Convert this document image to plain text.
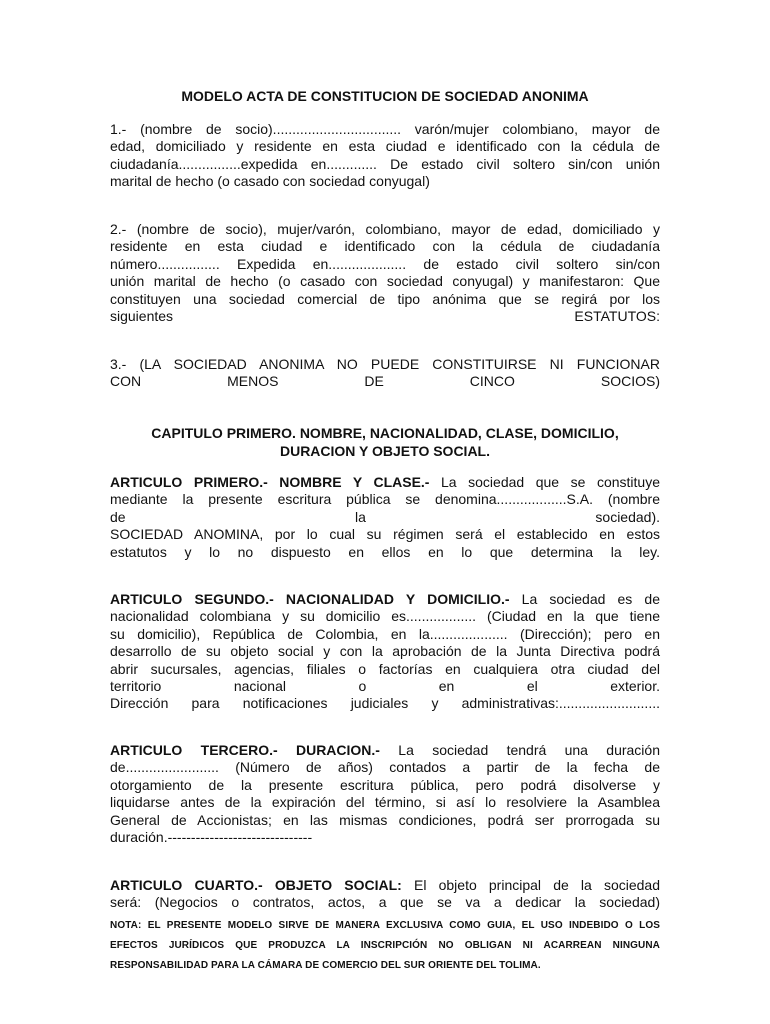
MODELO ACTA DE CONSTITUCION DE SOCIEDAD ANONIMA
1.- (nombre de socio)................................. varón/mujer colombiano, mayor de
edad, domiciliado y residente en esta ciudad e identificado con la cédula de
ciudadanía................expedida en............. De estado civil soltero sin/con unión
marital de hecho (o casado con sociedad conyugal)
2.- (nombre de socio), mujer/varón, colombiano, mayor de edad, domiciliado y
residente en esta ciudad e identificado con la cédula de ciudadanía
número................ Expedida en.................... de estado civil soltero sin/con
unión marital de hecho (o casado con sociedad conyugal) y manifestaron: Que
constituyen una sociedad comercial de tipo anónima que se regirá por los
siguientes ESTATUTOS:
3.- (LA SOCIEDAD ANONIMA NO PUEDE CONSTITUIRSE NI FUNCIONAR
CON MENOS DE CINCO SOCIOS)
CAPITULO PRIMERO. NOMBRE, NACIONALIDAD, CLASE, DOMICILIO,
DURACION Y OBJETO SOCIAL.
ARTICULO PRIMERO.- NOMBRE Y CLASE.- La sociedad que se constituye
mediante la presente escritura pública se denomina..................S.A. (nombre
de la sociedad).
SOCIEDAD ANOMINA, por lo cual su régimen será el establecido en estos
estatutos y lo no dispuesto en ellos en lo que determina la ley.
ARTICULO SEGUNDO.- NACIONALIDAD Y DOMICILIO.- La sociedad es de
nacionalidad colombiana y su domicilio es.................. (Ciudad en la que tiene
su domicilio), República de Colombia, en la.................... (Dirección); pero en
desarrollo de su objeto social y con la aprobación de la Junta Directiva podrá
abrir sucursales, agencias, filiales o factorías en cualquiera otra ciudad del
territorio nacional o en el exterior.
Dirección para notificaciones judiciales y administrativas:..........................
ARTICULO TERCERO.- DURACION.- La sociedad tendrá una duración
de........................ (Número de años) contados a partir de la fecha de
otorgamiento de la presente escritura pública, pero podrá disolverse y
liquidarse antes de la expiración del término, si así lo resolviere la Asamblea
General de Accionistas; en las mismas condiciones, podrá ser prorrogada su
duración.-------------------------------
ARTICULO CUARTO.- OBJETO SOCIAL: El objeto principal de la sociedad
será: (Negocios o contratos, actos, a que se va a dedicar la sociedad)
NOTA: EL PRESENTE MODELO SIRVE DE MANERA EXCLUSIVA COMO GUIA, EL USO INDEBIDO O LOS
EFECTOS JURÍDICOS QUE PRODUZCA LA INSCRIPCIÓN NO OBLIGAN NI ACARREAN NINGUNA
RESPONSABILIDAD PARA LA CÁMARA DE COMERCIO DEL SUR ORIENTE DEL TOLIMA.
